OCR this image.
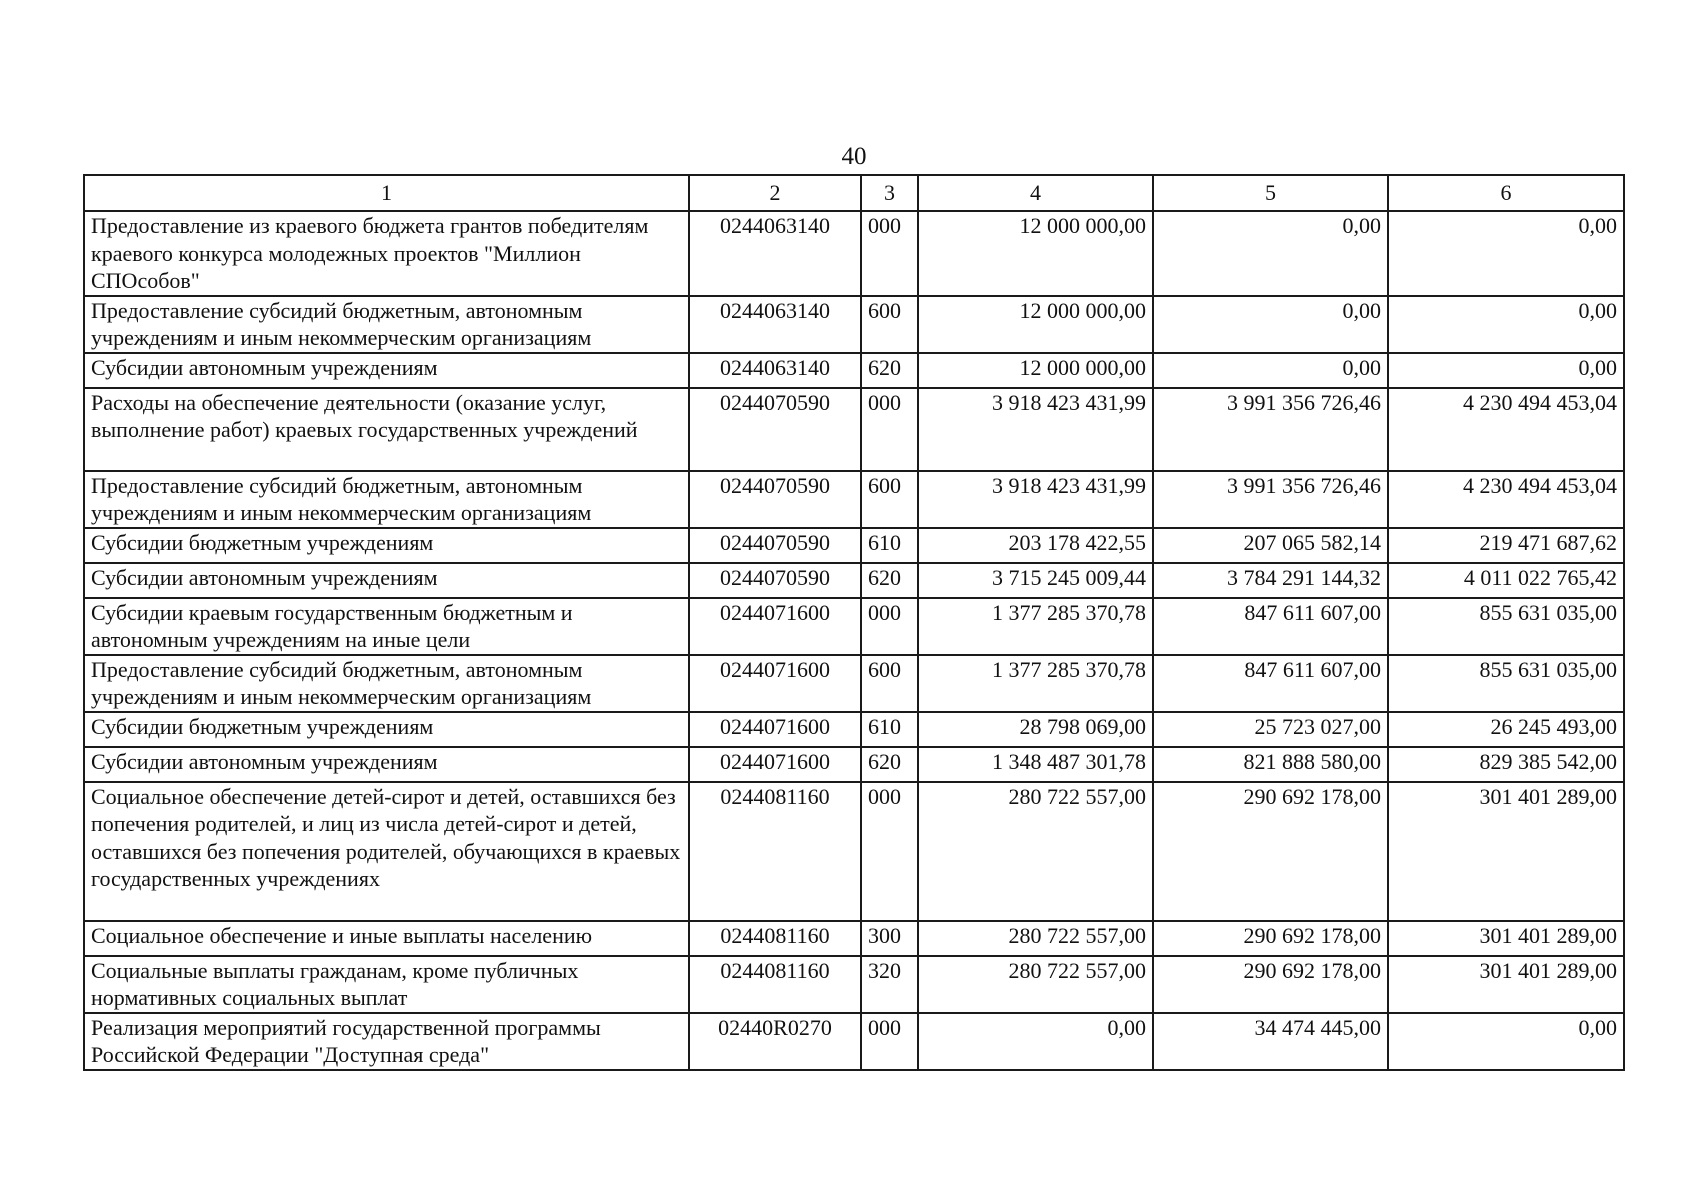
40
1	2	3	4	5	6
Предоставление из краевого бюджета грантов победителям краевого конкурса молодежных проектов "Миллион СПОсобов"	0244063140	000	12 000 000,00	0,00	0,00
Предоставление субсидий бюджетным, автономным учреждениям и иным некоммерческим организациям	0244063140	600	12 000 000,00	0,00	0,00
Субсидии автономным учреждениям	0244063140	620	12 000 000,00	0,00	0,00
Расходы на обеспечение деятельности (оказание услуг, выполнение работ) краевых государственных учреждений	0244070590	000	3 918 423 431,99	3 991 356 726,46	4 230 494 453,04
Предоставление субсидий бюджетным, автономным учреждениям и иным некоммерческим организациям	0244070590	600	3 918 423 431,99	3 991 356 726,46	4 230 494 453,04
Субсидии бюджетным учреждениям	0244070590	610	203 178 422,55	207 065 582,14	219 471 687,62
Субсидии автономным учреждениям	0244070590	620	3 715 245 009,44	3 784 291 144,32	4 011 022 765,42
Субсидии краевым государственным бюджетным и автономным учреждениям на иные цели	0244071600	000	1 377 285 370,78	847 611 607,00	855 631 035,00
Предоставление субсидий бюджетным, автономным учреждениям и иным некоммерческим организациям	0244071600	600	1 377 285 370,78	847 611 607,00	855 631 035,00
Субсидии бюджетным учреждениям	0244071600	610	28 798 069,00	25 723 027,00	26 245 493,00
Субсидии автономным учреждениям	0244071600	620	1 348 487 301,78	821 888 580,00	829 385 542,00
Социальное обеспечение детей-сирот и детей, оставшихся без попечения родителей, и лиц из числа детей-сирот и детей, оставшихся без попечения родителей, обучающихся в краевых государственных учреждениях	0244081160	000	280 722 557,00	290 692 178,00	301 401 289,00
Социальное обеспечение и иные выплаты населению	0244081160	300	280 722 557,00	290 692 178,00	301 401 289,00
Социальные выплаты гражданам, кроме публичных нормативных социальных выплат	0244081160	320	280 722 557,00	290 692 178,00	301 401 289,00
Реализация мероприятий государственной программы Российской Федерации "Доступная среда"	02440R0270	000	0,00	34 474 445,00	0,00
